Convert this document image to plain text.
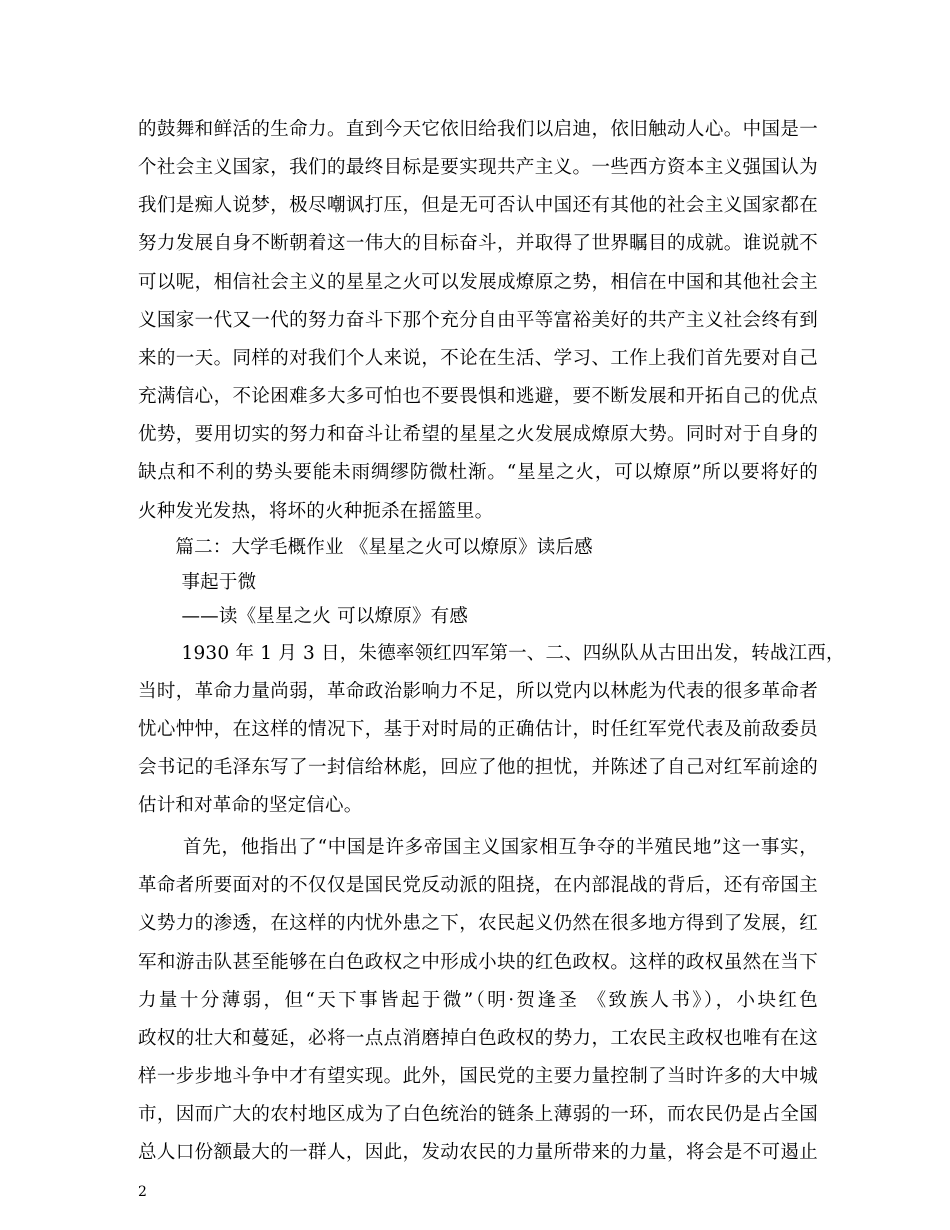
的鼓舞和鲜活的生命力。直到今天它依旧给我们以启迪，依旧触动人心。中国是一
个社会主义国家，我们的最终目标是要实现共产主义。一些西方资本主义强国认为
我们是痴人说梦，极尽嘲讽打压，但是无可否认中国还有其他的社会主义国家都在
努力发展自身不断朝着这一伟大的目标奋斗，并取得了世界瞩目的成就。谁说就不
可以呢，相信社会主义的星星之火可以发展成燎原之势，相信在中国和其他社会主
义国家一代又一代的努力奋斗下那个充分自由平等富裕美好的共产主义社会终有到
来的一天。同样的对我们个人来说，不论在生活、学习、工作上我们首先要对自己
充满信心，不论困难多大多可怕也不要畏惧和逃避，要不断发展和开拓自己的优点
优势，要用切实的努力和奋斗让希望的星星之火发展成燎原大势。同时对于自身的
缺点和不利的势头要能未雨绸缪防微杜渐。“星星之火，可以燎原”所以要将好的
火种发光发热，将坏的火种扼杀在摇篮里。
　　篇二：大学毛概作业 《星星之火可以燎原》读后感
　　 事起于微
　　 ——读《星星之火 可以燎原》有感
　　 1930 年 1 月 3 日，朱德率领红四军第一、二、四纵队从古田出发，转战江西，
当时，革命力量尚弱，革命政治影响力不足，所以党内以林彪为代表的很多革命者
忧心忡忡，在这样的情况下，基于对时局的正确估计，时任红军党代表及前敌委员
会书记的毛泽东写了一封信给林彪，回应了他的担忧，并陈述了自己对红军前途的
估计和对革命的坚定信心。
　　 首先，他指出了“中国是许多帝国主义国家相互争夺的半殖民地”这一事实，
革命者所要面对的不仅仅是国民党反动派的阻挠，在内部混战的背后，还有帝国主
义势力的渗透，在这样的内忧外患之下，农民起义仍然在很多地方得到了发展，红
军和游击队甚至能够在白色政权之中形成小块的红色政权。这样的政权虽然在当下
力量十分薄弱，但“天下事皆起于微”（明·贺逢圣 《致族人书》），小块红色
政权的壮大和蔓延，必将一点点消磨掉白色政权的势力，工农民主政权也唯有在这
样一步步地斗争中才有望实现。此外，国民党的主要力量控制了当时许多的大中城
市，因而广大的农村地区成为了白色统治的链条上薄弱的一环，而农民仍是占全国
总人口份额最大的一群人，因此，发动农民的力量所带来的力量，将会是不可遏止
2
